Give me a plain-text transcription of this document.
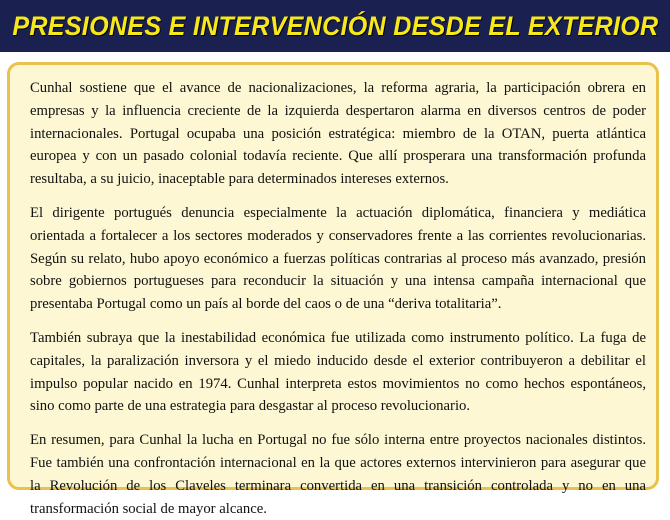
PRESIONES E INTERVENCIÓN DESDE EL EXTERIOR

Cunhal sostiene que el avance de nacionalizaciones, la reforma agraria, la participación obrera en empresas y la influencia creciente de la izquierda despertaron alarma en diversos centros de poder internacionales. Portugal ocupaba una posición estratégica: miembro de la OTAN, puerta atlántica europea y con un pasado colonial todavía reciente. Que allí prosperara una transformación profunda resultaba, a su juicio, inaceptable para determinados intereses externos.

El dirigente portugués denuncia especialmente la actuación diplomática, financiera y mediática orientada a fortalecer a los sectores moderados y conservadores frente a las corrientes revolucionarias. Según su relato, hubo apoyo económico a fuerzas políticas contrarias al proceso más avanzado, presión sobre gobiernos portugueses para reconducir la situación y una intensa campaña internacional que presentaba Portugal como un país al borde del caos o de una “deriva totalitaria”.

También subraya que la inestabilidad económica fue utilizada como instrumento político. La fuga de capitales, la paralización inversora y el miedo inducido desde el exterior contribuyeron a debilitar el impulso popular nacido en 1974. Cunhal interpreta estos movimientos no como hechos espontáneos, sino como parte de una estrategia para desgastar al proceso revolucionario.

En resumen, para Cunhal la lucha en Portugal no fue sólo interna entre proyectos nacionales distintos. Fue también una confrontación internacional en la que actores externos intervinieron para asegurar que la Revolución de los Claveles terminara convertida en una transición controlada y no en una transformación social de mayor alcance.
